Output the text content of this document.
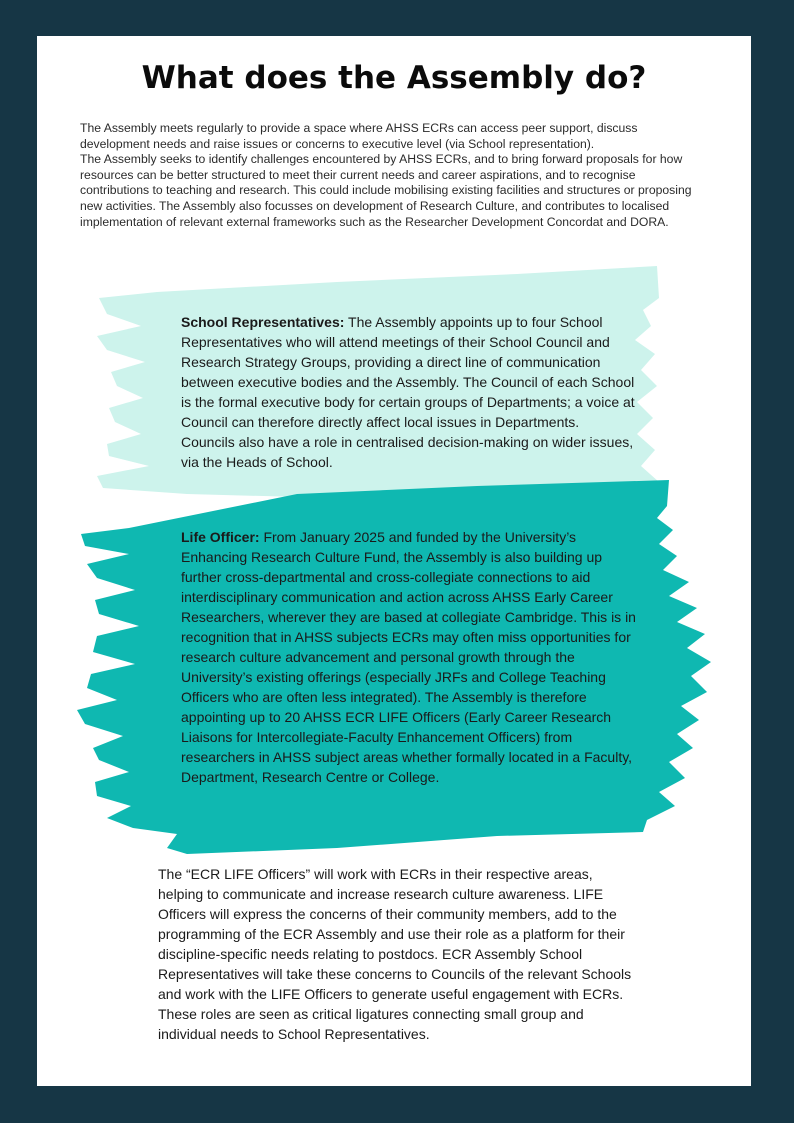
What does the Assembly do?

The Assembly meets regularly to provide a space where AHSS ECRs can access peer support, discuss development needs and raise issues or concerns to executive level (via School representation).

The Assembly seeks to identify challenges encountered by AHSS ECRs, and to bring forward proposals for how resources can be better structured to meet their current needs and career aspirations, and to recognise contributions to teaching and research. This could include mobilising existing facilities and structures or proposing new activities. The Assembly also focusses on development of Research Culture, and contributes to localised implementation of relevant external frameworks such as the Researcher Development Concordat and DORA.

School Representatives: The Assembly appoints up to four School Representatives who will attend meetings of their School Council and Research Strategy Groups, providing a direct line of communication between executive bodies and the Assembly. The Council of each School is the formal executive body for certain groups of Departments; a voice at Council can therefore directly affect local issues in Departments. Councils also have a role in centralised decision-making on wider issues, via the Heads of School.

Life Officer: From January 2025 and funded by the University’s Enhancing Research Culture Fund, the Assembly is also building up further cross-departmental and cross-collegiate connections to aid interdisciplinary communication and action across AHSS Early Career Researchers, wherever they are based at collegiate Cambridge. This is in recognition that in AHSS subjects ECRs may often miss opportunities for research culture advancement and personal growth through the University’s existing offerings (especially JRFs and College Teaching Officers who are often less integrated). The Assembly is therefore appointing up to 20 AHSS ECR LIFE Officers (Early Career Research Liaisons for Intercollegiate-Faculty Enhancement Officers) from researchers in AHSS subject areas whether formally located in a Faculty, Department, Research Centre or College.

The “ECR LIFE Officers” will work with ECRs in their respective areas, helping to communicate and increase research culture awareness. LIFE Officers will express the concerns of their community members, add to the programming of the ECR Assembly and use their role as a platform for their discipline-specific needs relating to postdocs. ECR Assembly School Representatives will take these concerns to Councils of the relevant Schools and work with the LIFE Officers to generate useful engagement with ECRs. These roles are seen as critical ligatures connecting small group and individual needs to School Representatives.
